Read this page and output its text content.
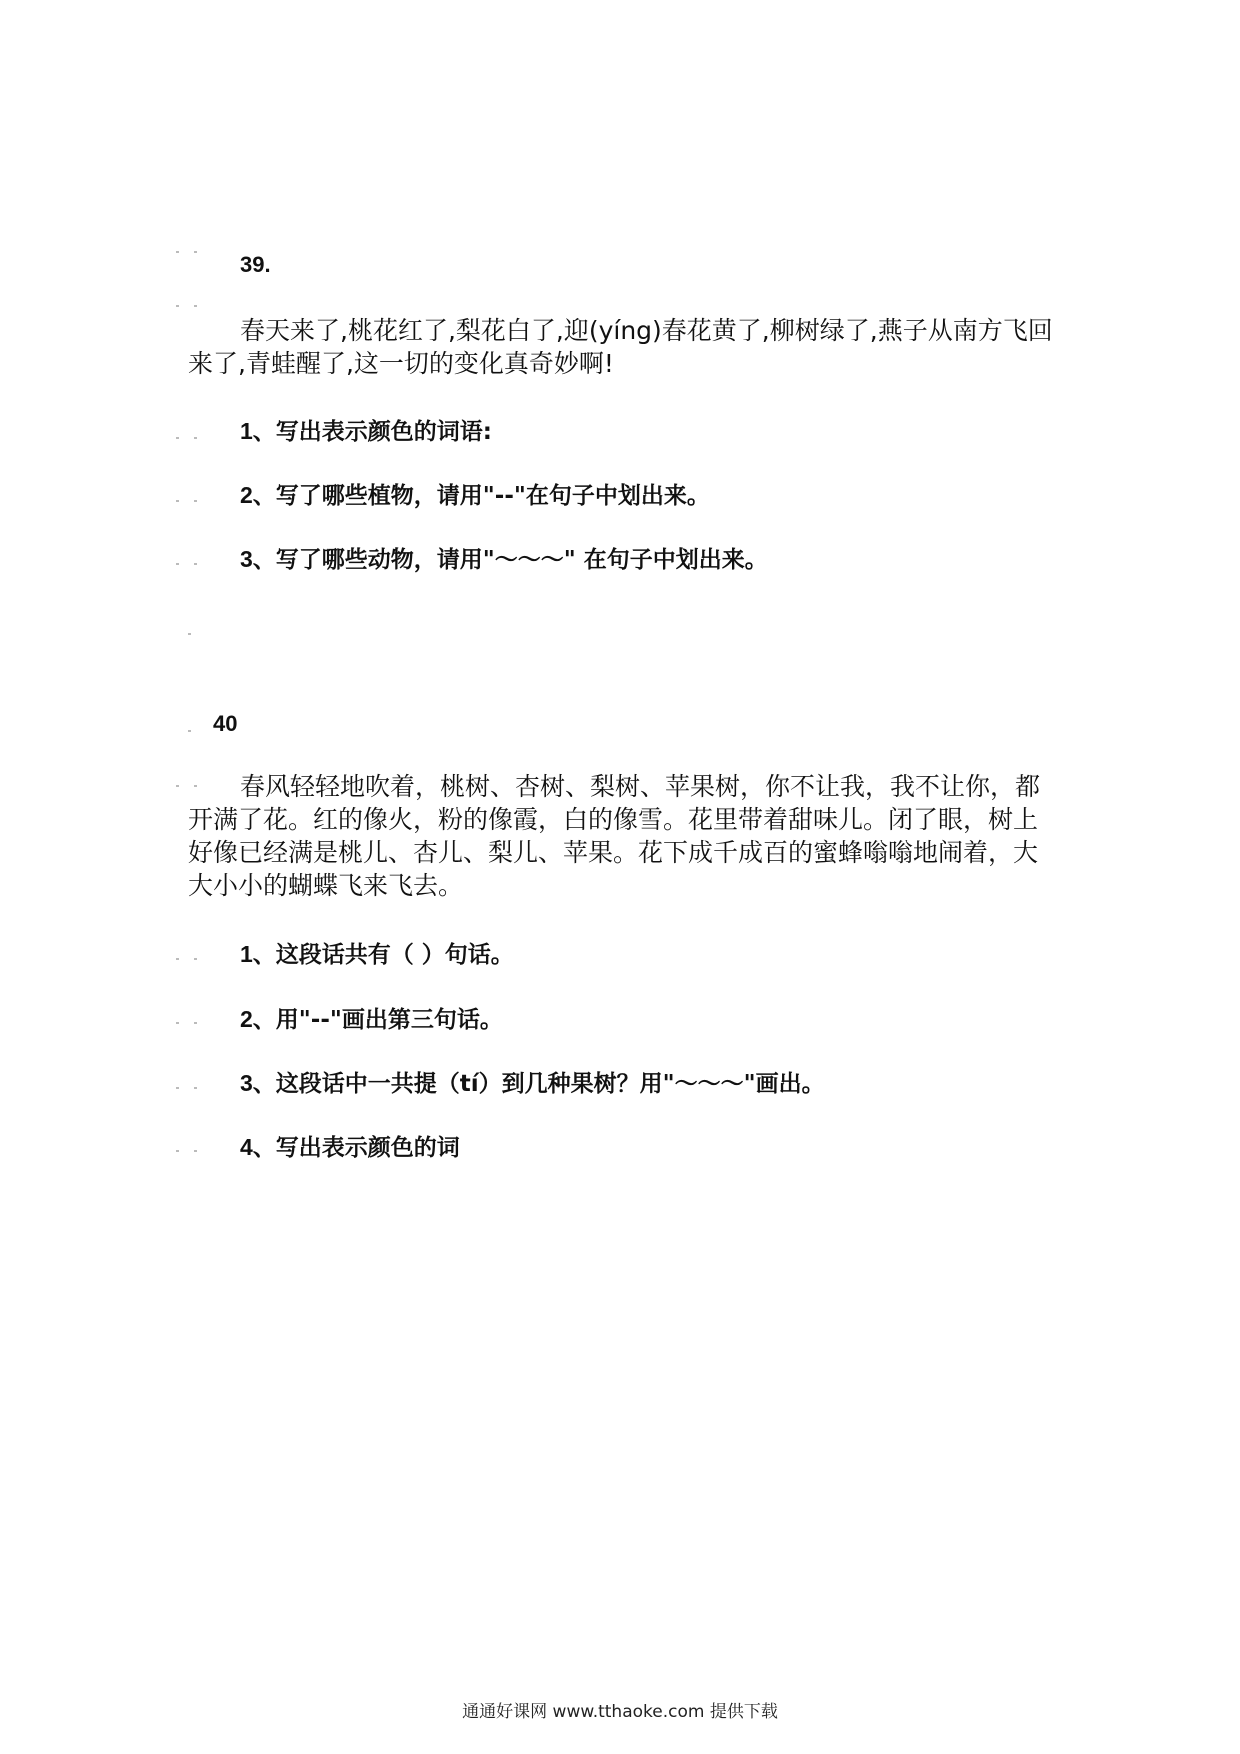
39.
春天来了,桃花红了,梨花白了,迎(yíng)春花黄了,柳树绿了,燕子从南方飞回
来了,青蛙醒了,这一切的变化真奇妙啊!
1、写出表示颜色的词语:
2、写了哪些植物，请用"--"在句子中划出来。
3、写了哪些动物，请用"～～～" 在句子中划出来。
40
春风轻轻地吹着，桃树、杏树、梨树、苹果树，你不让我，我不让你，都
开满了花。红的像火，粉的像霞，白的像雪。花里带着甜味儿。闭了眼，树上
好像已经满是桃儿、杏儿、梨儿、苹果。花下成千成百的蜜蜂嗡嗡地闹着，大
大小小的蝴蝶飞来飞去。
1、这段话共有（ ）句话。
2、用"--"画出第三句话。
3、这段话中一共提（tí）到几种果树？用"～～～"画出。
4、写出表示颜色的词
通通好课网 www.tthaoke.com 提供下载
